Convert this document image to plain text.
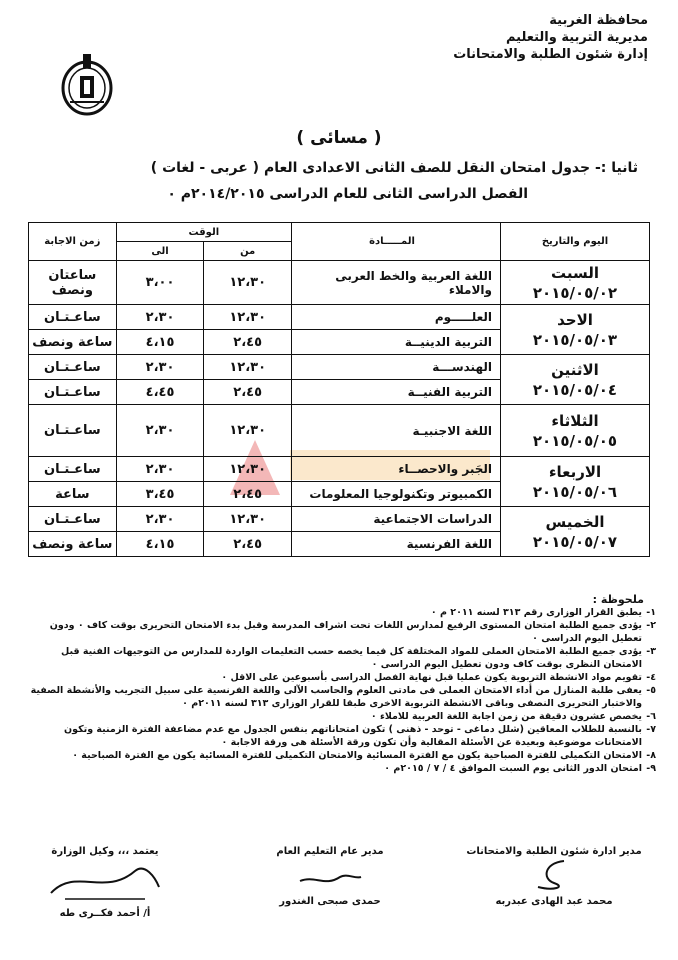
محافظة الغربية
مديرية التربية والتعليم
إدارة شئون الطلبة والامتحانات
( مسائى )
ثانيا :- جدول امتحان النقل للصف الثانى الاعدادى العام ( عربى - لغات )
الفصل الدراسى الثانى للعام الدراسى ٢٠١٤/٢٠١٥م ٠
اليوم والتاريخ	المـــــادة	الوقت		زمن الاجابة
		من	الى	

السبت
٢٠١٥/٠٥/٠٢	اللغة العربية والخط العربى والاملاء	١٢،٣٠	٣،٠٠	ساعتان ونصف

الاحد
٢٠١٥/٠٥/٠٣	العلـــــوم	١٢،٣٠	٢،٣٠	ساعـتـان
	التربية الدينيــة	٢،٤٥	٤،١٥	ساعة ونصف

الاثنين
٢٠١٥/٠٥/٠٤	الهندســـة	١٢،٣٠	٢،٣٠	ساعـتـان
	التربية الفنيــة	٢،٤٥	٤،٤٥	ساعـتـان

الثلاثاء
٢٠١٥/٠٥/٠٥	اللغة الاجنبيـة	١٢،٣٠	٢،٣٠	ساعـتـان

الاربعاء
٢٠١٥/٠٥/٠٦	الجَبر والاحصــاء	١٢،٣٠	٢،٣٠	ساعـتـان
	الكمبيوتر وتكنولوجيا المعلومات	٢،٤٥	٣،٤٥	ساعة

الخميس
٢٠١٥/٠٥/٠٧	الدراسات الاجتماعية	١٢،٣٠	٢،٣٠	ساعـتـان
	اللغة الفرنسية	٢،٤٥	٤،١٥	ساعة ونصف
ملحوظة :
١-
يطبق القرار الوزارى رقم ٣١٣ لسنه ٢٠١١ م ٠
٢-
يؤدى جميع الطلبة امتحان المستوى الرفيع لمدارس اللغات تحت اشراف المدرسة وقبل بدء الامتحان التحريرى بوقت كاف ٠ ودون تعطيل اليوم الدراسى ٠
٣-
يؤدى جميع الطلبة الامتحان العملى للمواد المختلفة كل فيما يخصه حسب التعليمات الواردة للمدارس من التوجيهات الفنية قبل الامتحان النظرى بوقت كاف ودون تعطيل اليوم الدراسى ٠
٤-
تقويم مواد الانشطة التربوية يكون عمليا قبل نهاية الفصل الدراسى بأسبوعين على الاقل ٠
٥-
يعفى طلبة المنازل من أداء الامتحان العملى فى مادتى العلوم والحاسب الآلى واللغة الفرنسية على سبيل التجريب والأنشطة الصفية والاختبار التحريرى النصفى وباقى الانشطة التربوية الاخرى طبقا للقرار الوزارى ٣١٣ لسنه ٢٠١١م ٠
٦-
يخصص عشرون دقيقة من زمن اجابة اللغة العربية للاملاء ٠
٧-
بالنسبة للطلاب المعاقين (شلل دماغى - توحد - ذهنى ) تكون امتحاناتهم بنفس الجدول مع عدم مضاعفة الفترة الزمنية وتكون الامتحانات موضوعية وبعيدة عن الأسئلة المقالية وأن تكون ورقة الأسئلة هى ورقة الاجابة ٠
٨-
الامتحان التكميلى للفترة الصباحية يكون مع الفترة المسائية والامتحان التكميلى للفترة المسائية يكون مع الفترة الصباحية ٠
٩-
امتحان الدور الثانى يوم السبت الموافق ٤ / ٧ / ٢٠١٥م ٠
مدير ادارة شئون الطلبة والامتحانات
محمد عبد الهادى عبدربه
مدير عام التعليم العام
حمدى صبحى الغندور
يعتمد ،،، وكيل الوزارة
أ/ أحمد فكــرى طه
